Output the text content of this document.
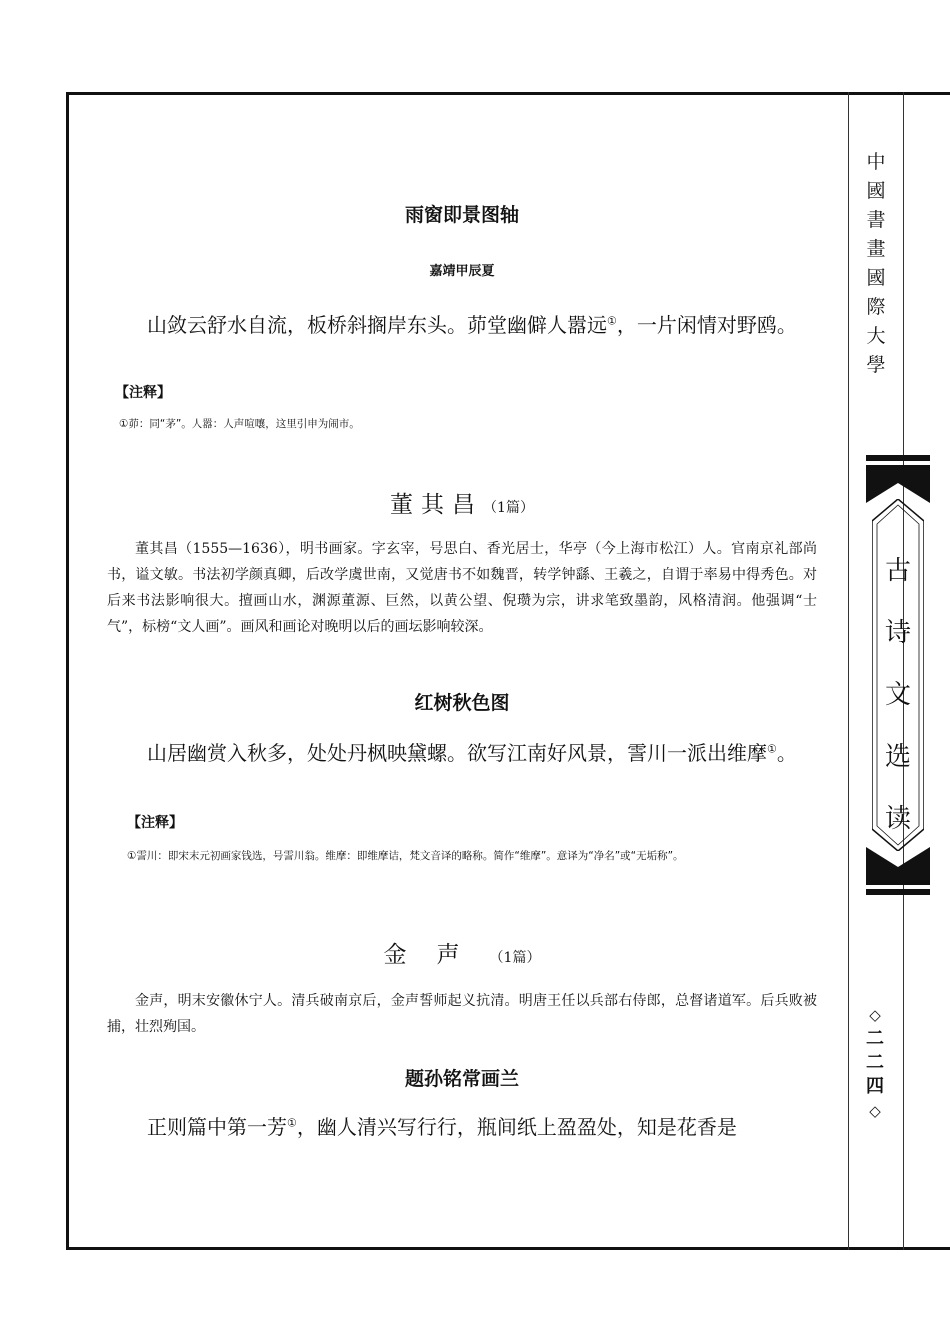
雨窗即景图轴
嘉靖甲辰夏

山敛云舒水自流，板桥斜搁岸东头。茆堂幽僻人嚣远①，一片闲情对野鸥。

【注释】
①茆：同“茅”。人嚣：人声喧嚷，这里引申为闹市。
董其昌（1篇）

董其昌（1555—1636），明书画家。字玄宰，号思白、香光居士，华亭（今上海市松江）人。官南京礼部尚书，谥文敏。书法初学颜真卿，后改学虞世南，又觉唐书不如魏晋，转学钟繇、王羲之，自谓于率易中得秀色。对后来书法影响很大。擅画山水，渊源董源、巨然，以黄公望、倪瓒为宗，讲求笔致墨韵，风格清润。他强调“士气”，标榜“文人画”。画风和画论对晚明以后的画坛影响较深。

红树秋色图

山居幽赏入秋多，处处丹枫映黛螺。欲写江南好风景，霅川一派出维摩①。

【注释】
①霅川：即宋末元初画家钱选，号霅川翁。维摩：即维摩诘，梵文音译的略称。简作“维摩”。意译为“净名”或“无垢称”。
金声（1篇）

金声，明末安徽休宁人。清兵破南京后，金声誓师起义抗清。明唐王任以兵部右侍郎，总督诸道军。后兵败被捕，壮烈殉国。

题孙铭常画兰

正则篇中第一芳①，幽人清兴写行行，瓶间纸上盈盈处，知是花香是

中
國
書
畫
國
際
大
學
古
诗
文
选
读
◇
二
二
四
◇
